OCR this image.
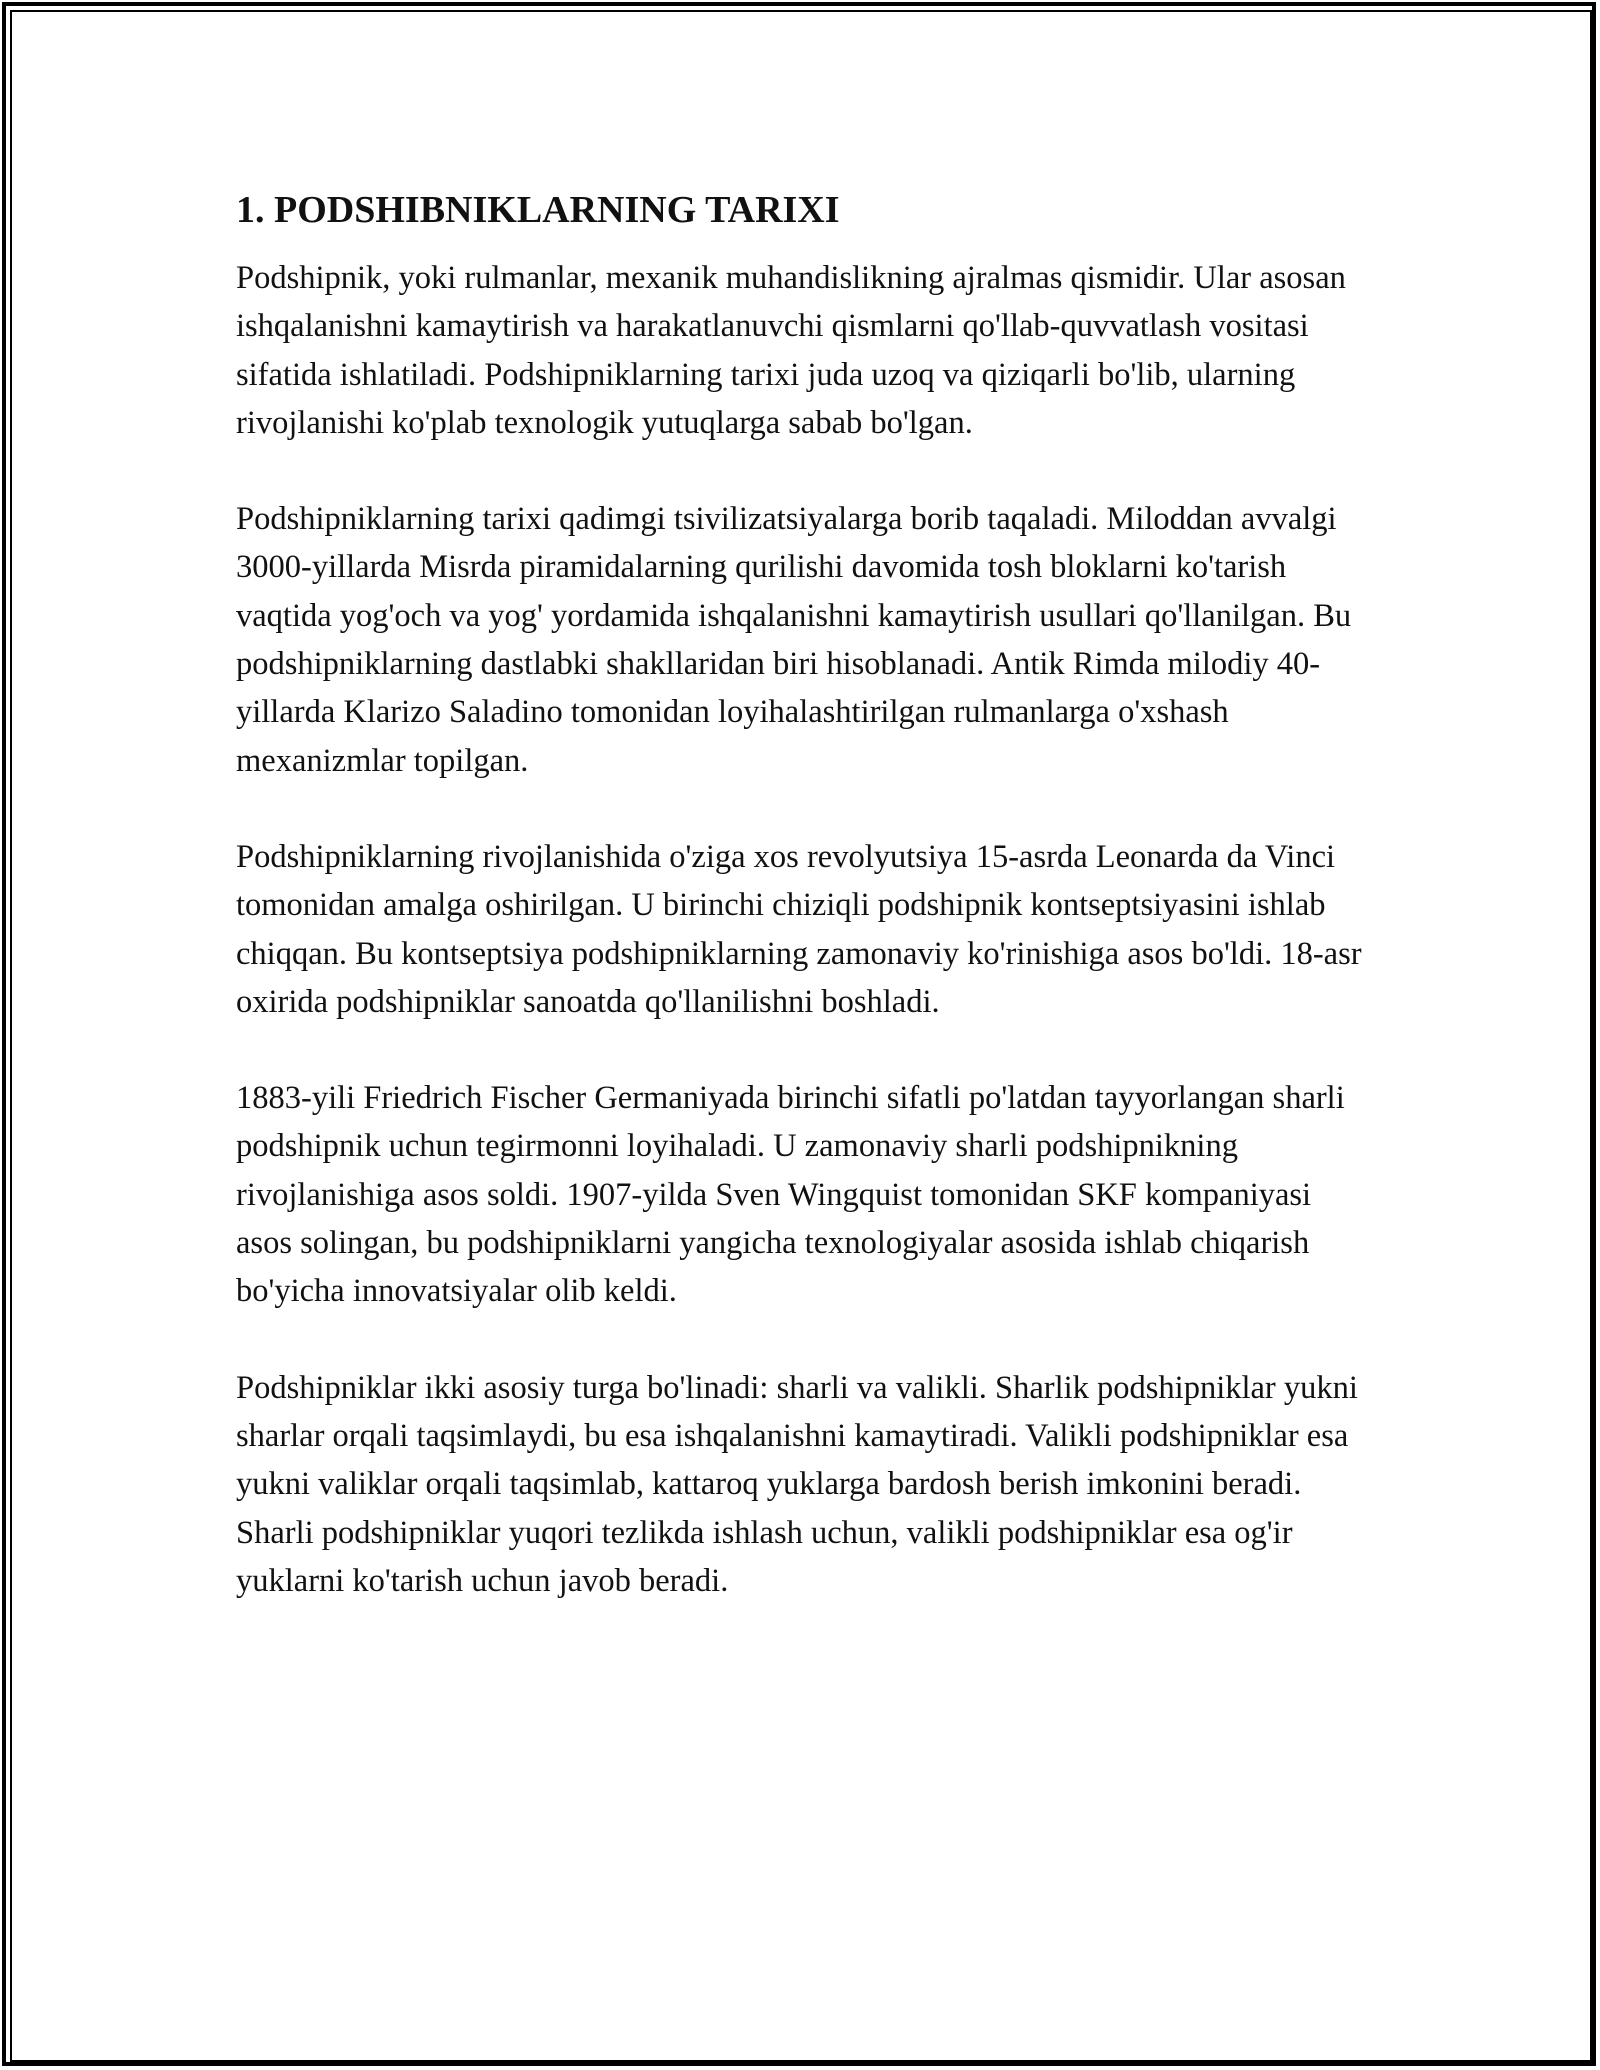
1. PODSHIBNIKLARNING TARIXI

Podshipnik, yoki rulmanlar, mexanik muhandislikning ajralmas qismidir. Ular asosan ishqalanishni kamaytirish va harakatlanuvchi qismlarni qo'llab-quvvatlash vositasi sifatida ishlatiladi. Podshipniklarning tarixi juda uzoq va qiziqarli bo'lib, ularning rivojlanishi ko'plab texnologik yutuqlarga sabab bo'lgan.

Podshipniklarning tarixi qadimgi tsivilizatsiyalarga borib taqaladi. Miloddan avvalgi 3000-yillarda Misrda piramidalarning qurilishi davomida tosh bloklarni ko'tarish vaqtida yog'och va yog' yordamida ishqalanishni kamaytirish usullari qo'llanilgan. Bu podshipniklarning dastlabki shakllaridan biri hisoblanadi. Antik Rimda milodiy 40-yillarda Klarizo Saladino tomonidan loyihalashtirilgan rulmanlarga o'xshash mexanizmlar topilgan.

Podshipniklarning rivojlanishida o'ziga xos revolyutsiya 15-asrda Leonarda da Vinci tomonidan amalga oshirilgan. U birinchi chiziqli podshipnik kontseptsiyasini ishlab chiqqan. Bu kontseptsiya podshipniklarning zamonaviy ko'rinishiga asos bo'ldi. 18-asr oxirida podshipniklar sanoatda qo'llanilishni boshladi.

1883-yili Friedrich Fischer Germaniyada birinchi sifatli po'latdan tayyorlangan sharli podshipnik uchun tegirmonni loyihaladi. U zamonaviy sharli podshipnikning rivojlanishiga asos soldi. 1907-yilda Sven Wingquist tomonidan SKF kompaniyasi asos solingan, bu podshipniklarni yangicha texnologiyalar asosida ishlab chiqarish bo'yicha innovatsiyalar olib keldi.

Podshipniklar ikki asosiy turga bo'linadi: sharli va valikli. Sharlik podshipniklar yukni sharlar orqali taqsimlaydi, bu esa ishqalanishni kamaytiradi. Valikli podshipniklar esa yukni valiklar orqali taqsimlab, kattaroq yuklarga bardosh berish imkonini beradi. Sharli podshipniklar yuqori tezlikda ishlash uchun, valikli podshipniklar esa og'ir yuklarni ko'tarish uchun javob beradi.
